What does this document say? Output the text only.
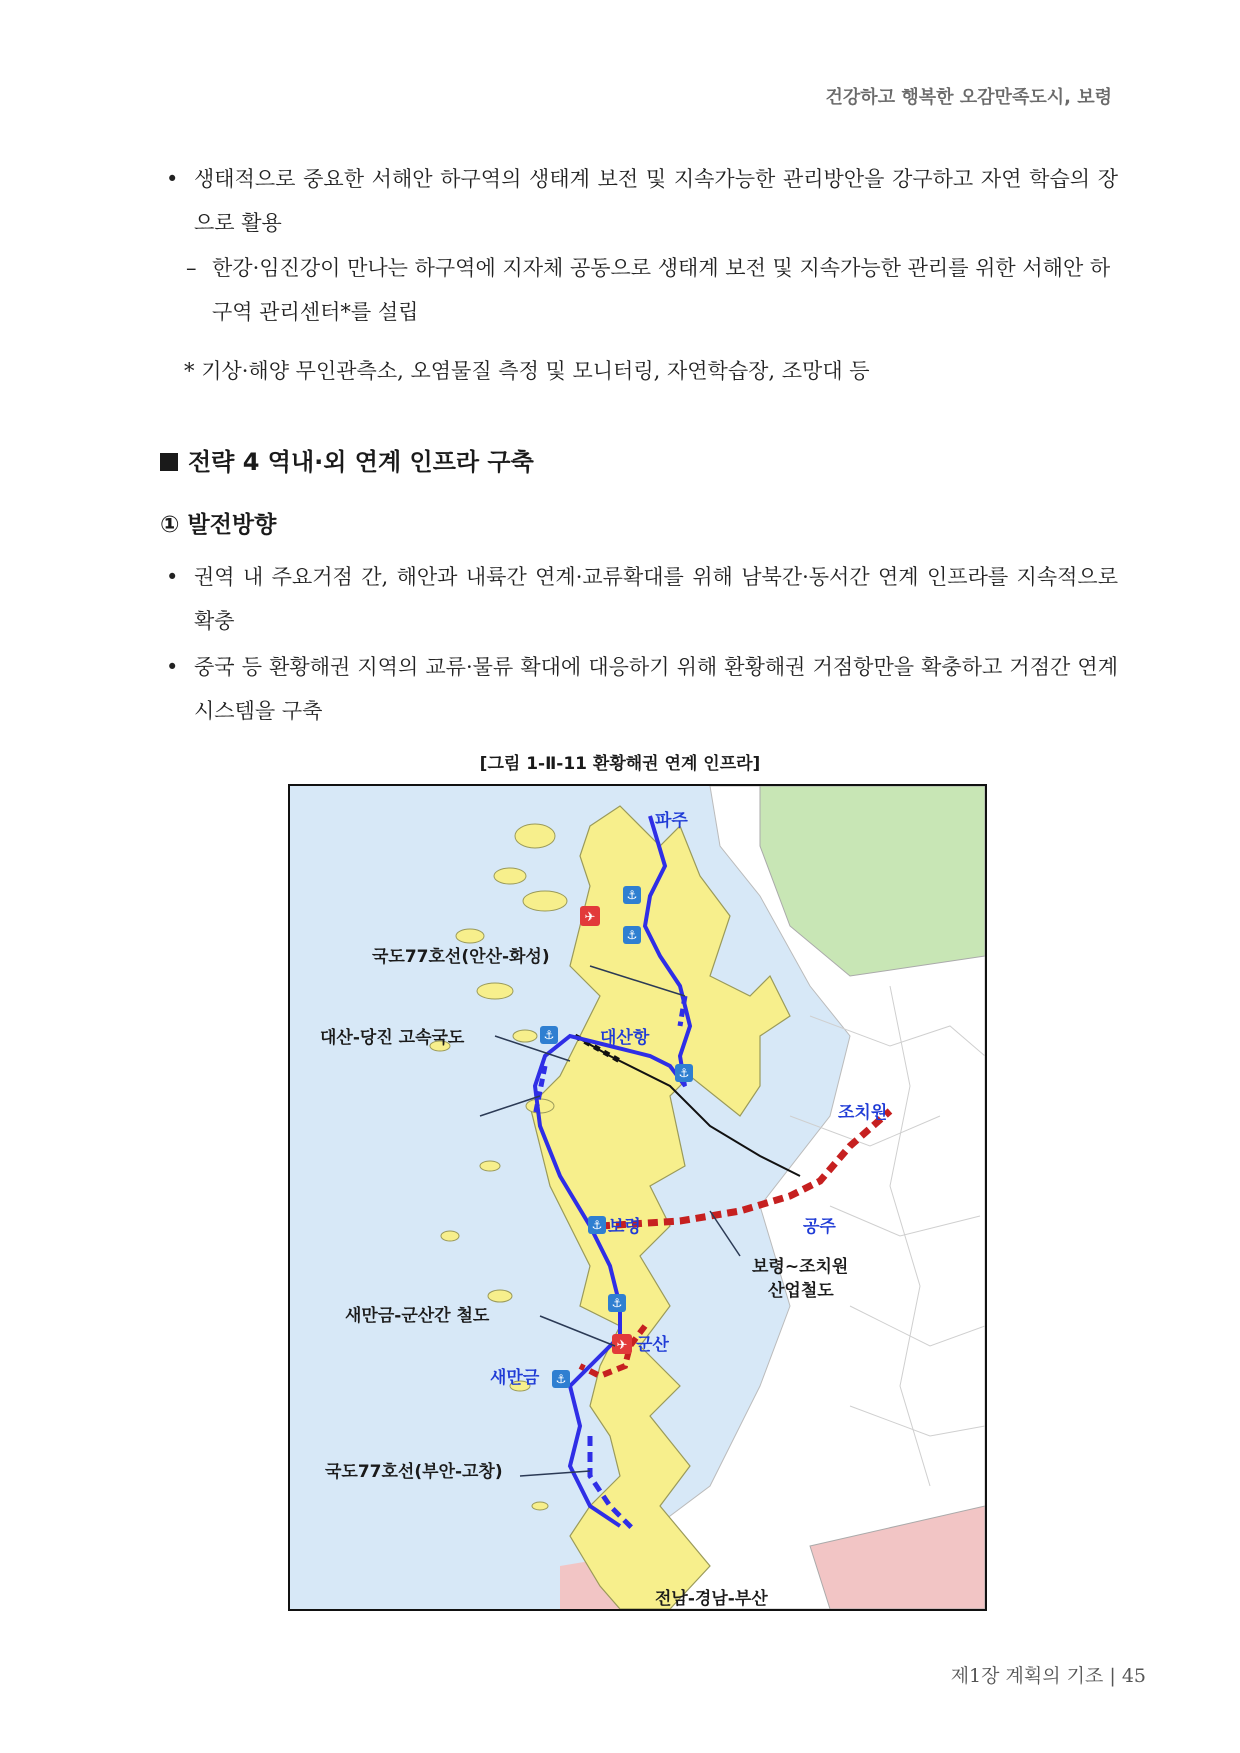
건강하고 행복한 오감만족도시, 보령
• 생태적으로 중요한 서해안 하구역의 생태계 보전 및 지속가능한 관리방안을 강구하고 자연 학습의 장으로 활용
– 한강·임진강이 만나는 하구역에 지자체 공동으로 생태계 보전 및 지속가능한 관리를 위한 서해안 하구역 관리센터*를 설립
* 기상·해양 무인관측소, 오염물질 측정 및 모니터링, 자연학습장, 조망대 등
전략 4 역내·외 연계 인프라 구축
① 발전방향
• 권역 내 주요거점 간, 해안과 내륙간 연계·교류확대를 위해 남북간·동서간 연계 인프라를 지속적으로 확충
• 중국 등 환황해권 지역의 교류·물류 확대에 대응하기 위해 환황해권 거점항만을 확충하고 거점간 연계시스템을 구축
[그림 1-Ⅱ-11 환황해권 연계 인프라]
⚓
⚓
⚓
⚓
⚓
⚓
⚓
✈
✈
파주
국도77호선(안산-화성)
대산-당진 고속국도	대산항
조치원
공주
보령
보령~조치원
산업철도
새만금-군산간 철도
군산
새만금
국도77호선(부안-고창)
전남-경남-부산
제1장 계획의 기조 | 45
